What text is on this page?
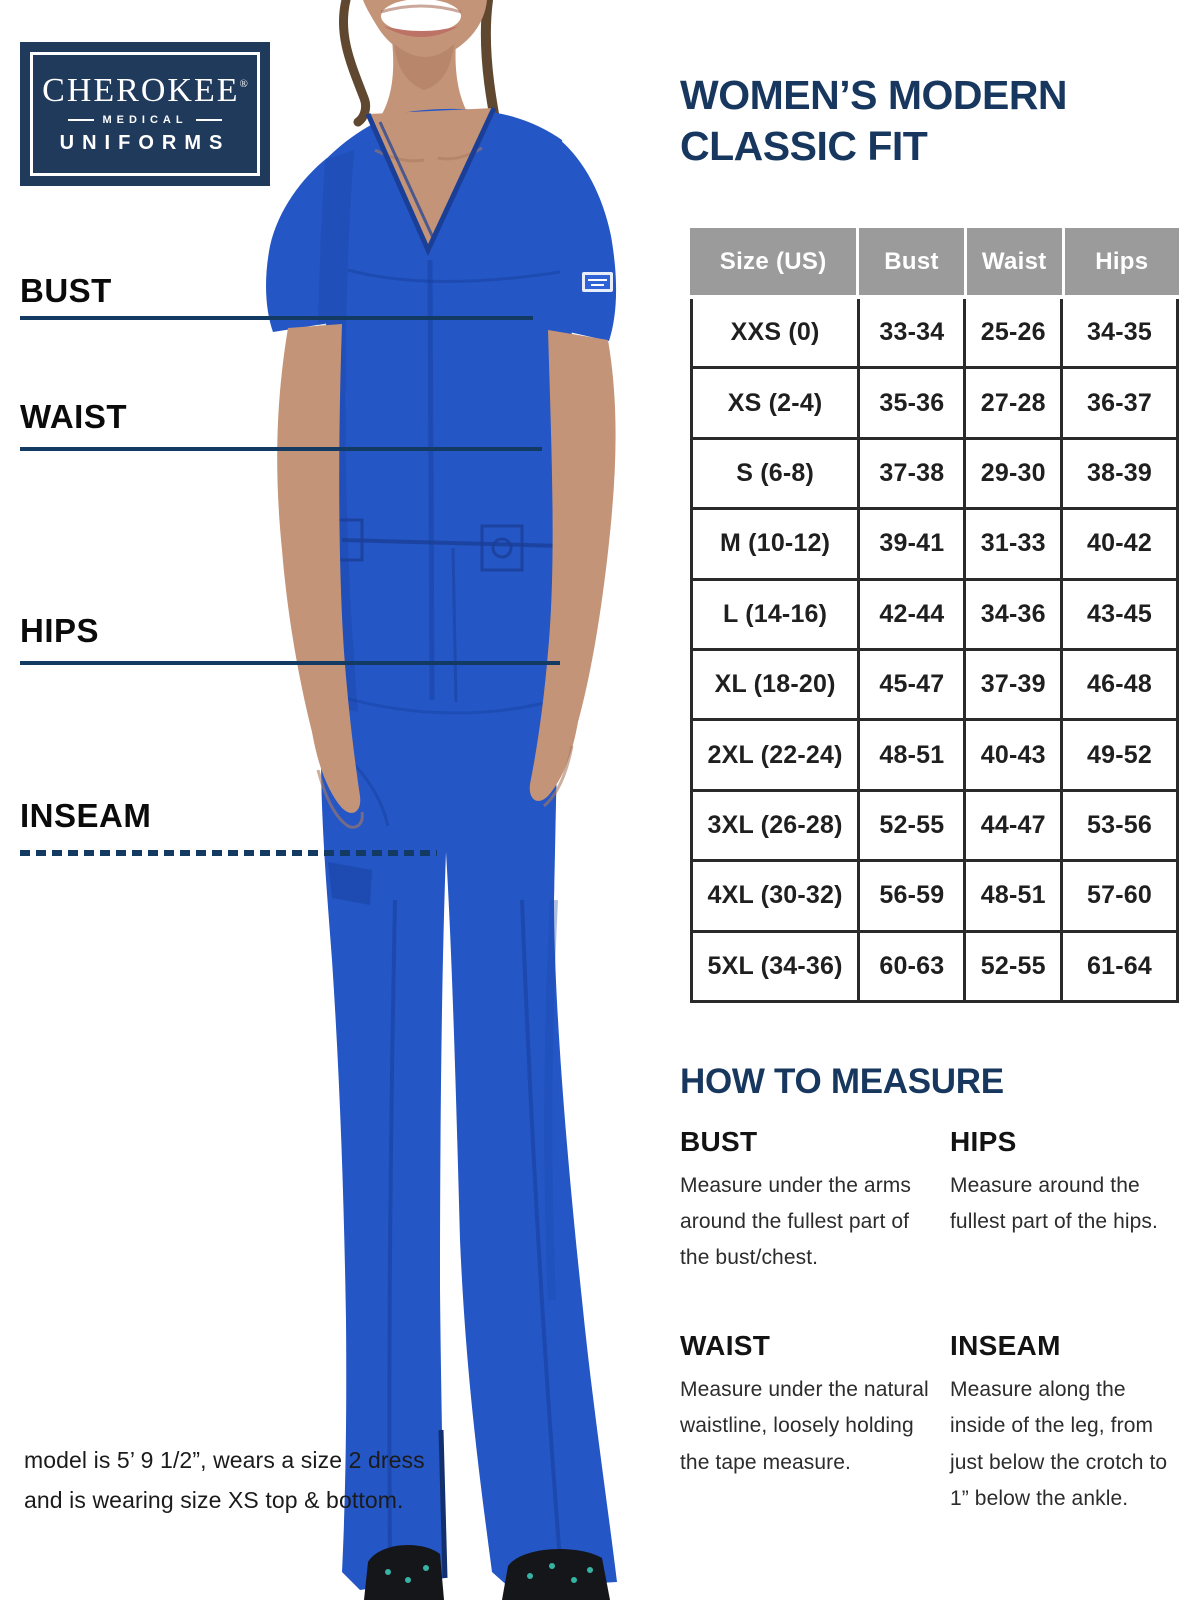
CHEROKEE®
MEDICAL
UNIFORMS
BUST
WAIST
HIPS
INSEAM
WOMEN’S MODERN
CLASSIC FIT
Size (US)	Bust	Waist	Hips
XXS (0)	33-34	25-26	34-35
XS (2-4)	35-36	27-28	36-37
S (6-8)	37-38	29-30	38-39
M (10-12)	39-41	31-33	40-42
L (14-16)	42-44	34-36	43-45
XL (18-20)	45-47	37-39	46-48
2XL (22-24)	48-51	40-43	49-52
3XL (26-28)	52-55	44-47	53-56
4XL (30-32)	56-59	48-51	57-60
5XL (34-36)	60-63	52-55	61-64
HOW TO MEASURE
BUST
Measure under the arms around the fullest part of the bust/chest.
HIPS
Measure around the fullest part of the hips.
WAIST
Measure under the natural waistline, loosely holding the tape measure.
INSEAM
Measure along the inside of the leg, from just below the crotch to 1” below the ankle.
model is 5’ 9 1/2”, wears a size 2 dress
and is wearing size XS top & bottom.
